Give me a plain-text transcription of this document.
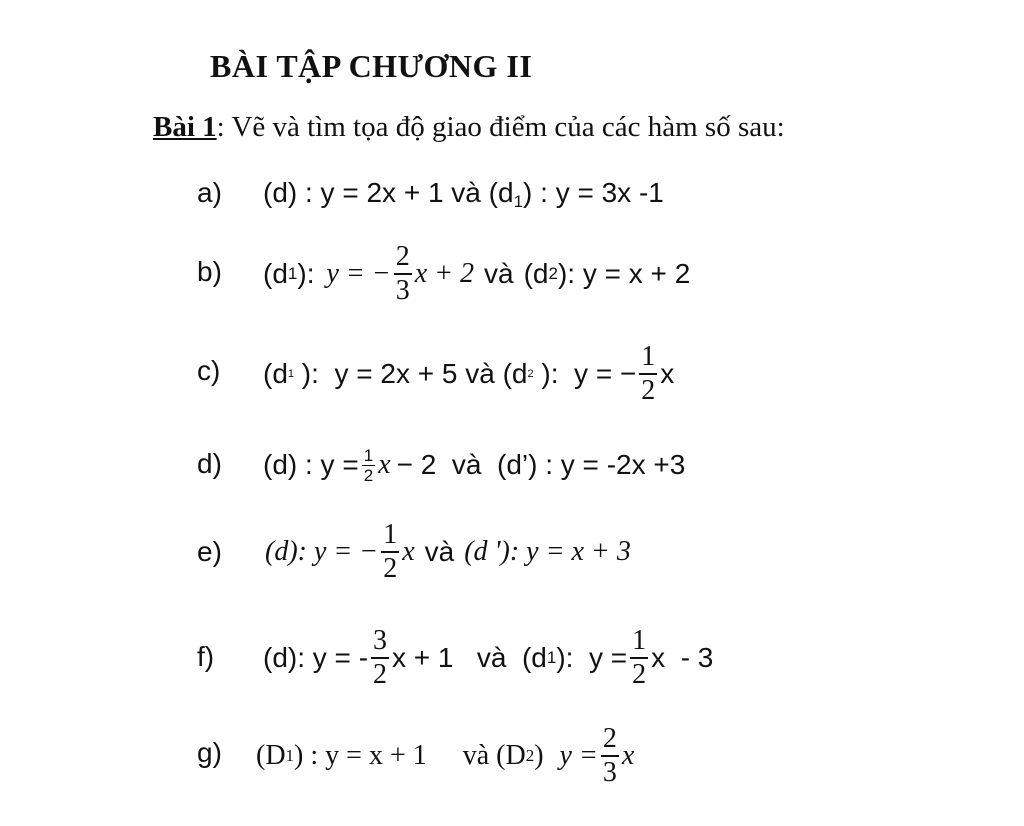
BÀI TẬP CHƯƠNG II
Bài 1: Vẽ và tìm tọa độ giao điểm của các hàm số sau:
a) (d) : y = 2x + 1 và $(d_1)$ : y = 3x -1
b) (d 1 ): y = − $\frac{2}{3}$ x + 2 và (d 2 ): y = x + 2
c) (d 1 ):  y = 2x + 5 và (d 2 ):  y = − $\frac{1}{2}$ x
d) (d) : $y = \frac{1}{2}$ x − 2  và  (d’) : y = -2x +3
e) (d): y = − $\frac{1}{2}$ x và (d '): y = x + 3
f) (d): y = - $\frac{3}{2}$ x + 1   và  (d 1 ):  $y = \frac{1}{2}$ x  - 3
g) (D 1 ) : y = x + 1 và (D 2 ) $y = \frac{2}{3}$ x
